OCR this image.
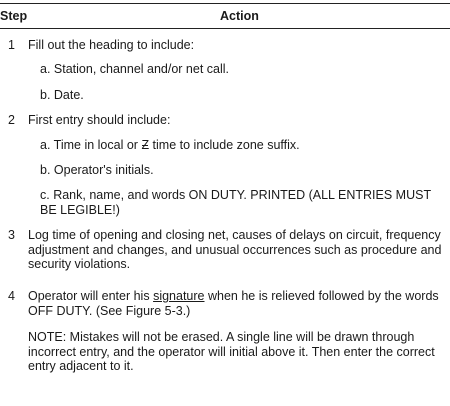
Step	Action
1 Fill out the heading to include:
a. Station, channel and/or net call.
b. Date.
2 First entry should include:
a. Time in local or Z time to include zone suffix.
b. Operator's initials.
c. Rank, name, and words ON DUTY. PRINTED (ALL ENTRIES MUST BE LEGIBLE!)
3 Log time of opening and closing net, causes of delays on circuit, frequency adjustment and changes, and unusual occurrences such as procedure and security violations.
4 Operator will enter his signature when he is relieved followed by the words OFF DUTY. (See Figure 5-3.)
NOTE: Mistakes will not be erased. A single line will be drawn through incorrect entry, and the operator will initial above it. Then enter the correct entry adjacent to it.
